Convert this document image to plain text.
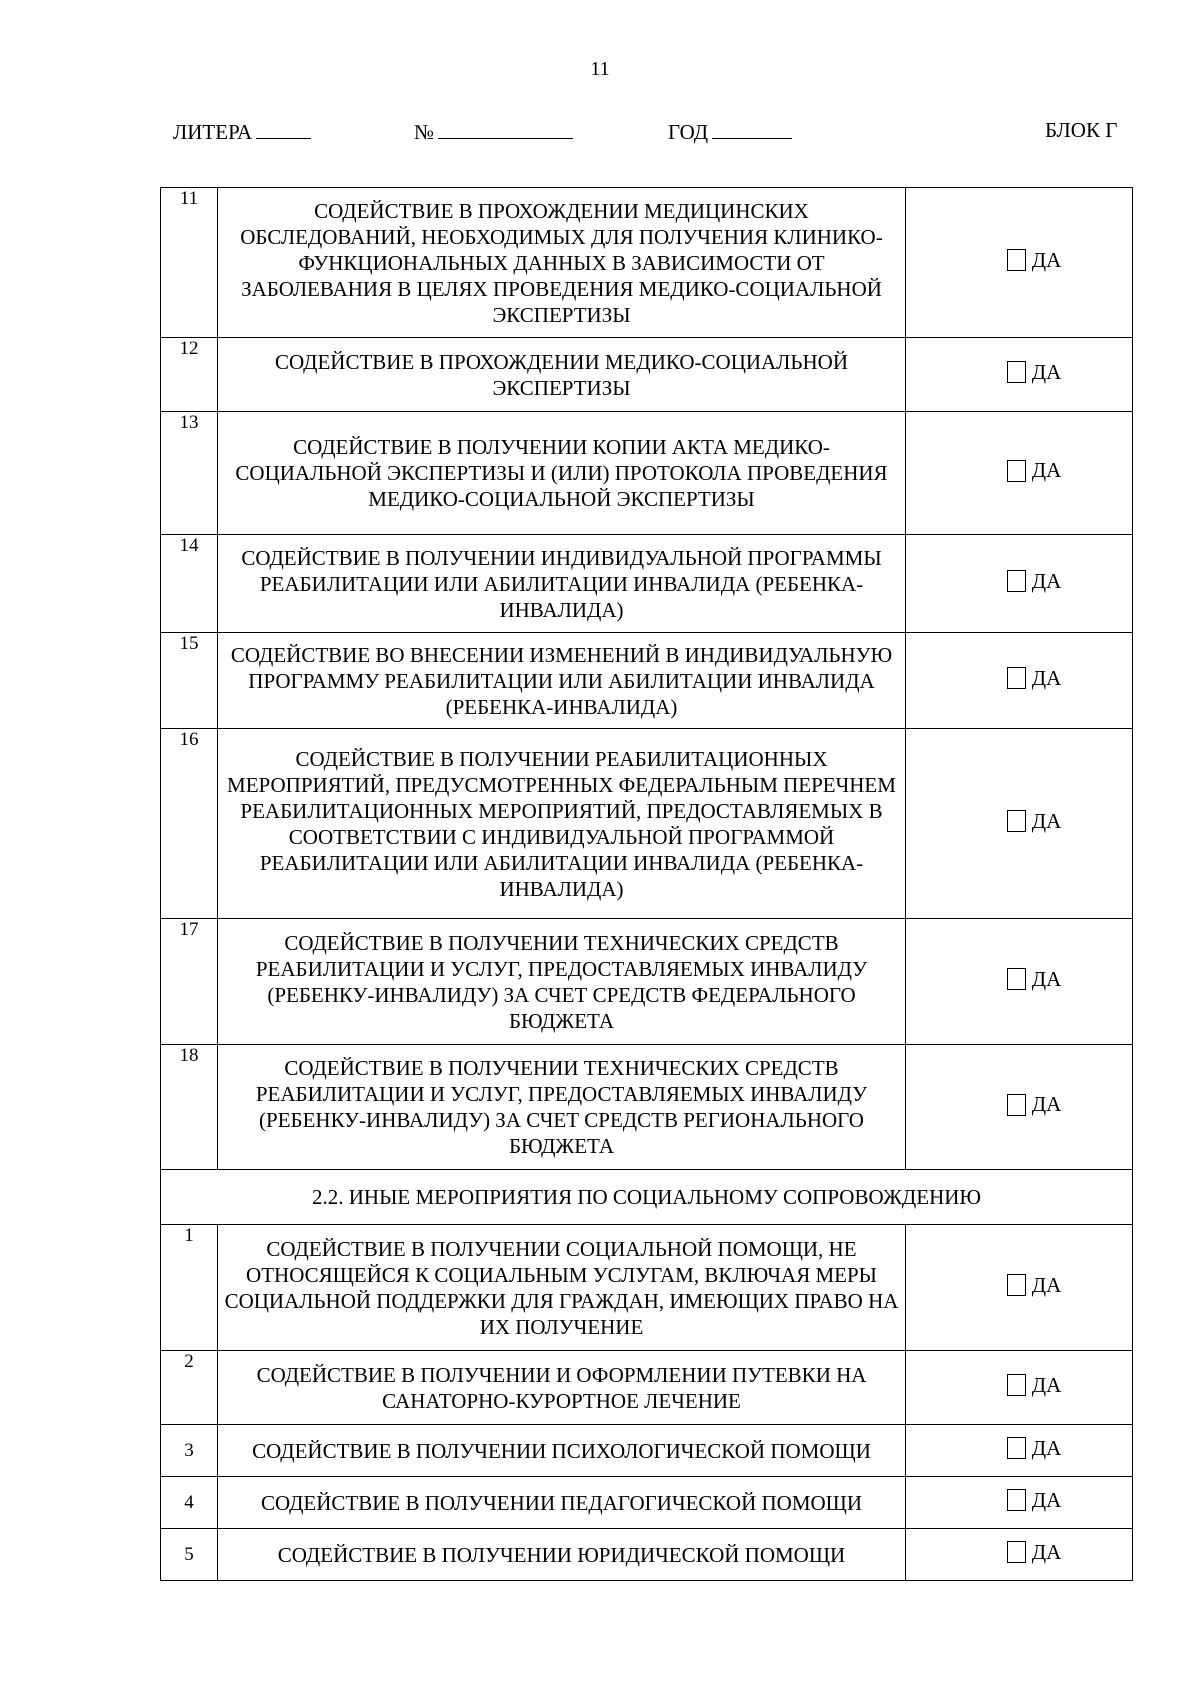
11
ЛИТЕРА	№	ГОД	БЛОК Г
11	СОДЕЙСТВИЕ В ПРОХОЖДЕНИИ МЕДИЦИНСКИХ ОБСЛЕДОВАНИЙ, НЕОБХОДИМЫХ ДЛЯ ПОЛУЧЕНИЯ КЛИНИКО-ФУНКЦИОНАЛЬНЫХ ДАННЫХ В ЗАВИСИМОСТИ ОТ ЗАБОЛЕВАНИЯ В ЦЕЛЯХ ПРОВЕДЕНИЯ МЕДИКО-СОЦИАЛЬНОЙ ЭКСПЕРТИЗЫ	ДА

12	СОДЕЙСТВИЕ В ПРОХОЖДЕНИИ МЕДИКО-СОЦИАЛЬНОЙ ЭКСПЕРТИЗЫ	ДА

13	СОДЕЙСТВИЕ В ПОЛУЧЕНИИ КОПИИ АКТА МЕДИКО-СОЦИАЛЬНОЙ ЭКСПЕРТИЗЫ И (ИЛИ) ПРОТОКОЛА ПРОВЕДЕНИЯ МЕДИКО-СОЦИАЛЬНОЙ ЭКСПЕРТИЗЫ	ДА

14	СОДЕЙСТВИЕ В ПОЛУЧЕНИИ ИНДИВИДУАЛЬНОЙ ПРОГРАММЫ РЕАБИЛИТАЦИИ ИЛИ АБИЛИТАЦИИ ИНВАЛИДА (РЕБЕНКА-ИНВАЛИДА)	ДА

15	СОДЕЙСТВИЕ ВО ВНЕСЕНИИ ИЗМЕНЕНИЙ В ИНДИВИДУАЛЬНУЮ ПРОГРАММУ РЕАБИЛИТАЦИИ ИЛИ АБИЛИТАЦИИ ИНВАЛИДА (РЕБЕНКА-ИНВАЛИДА)	ДА

16	СОДЕЙСТВИЕ В ПОЛУЧЕНИИ РЕАБИЛИТАЦИОННЫХ МЕРОПРИЯТИЙ, ПРЕДУСМОТРЕННЫХ ФЕДЕРАЛЬНЫМ ПЕРЕЧНЕМ РЕАБИЛИТАЦИОННЫХ МЕРОПРИЯТИЙ, ПРЕДОСТАВЛЯЕМЫХ В СООТВЕТСТВИИ С ИНДИВИДУАЛЬНОЙ ПРОГРАММОЙ РЕАБИЛИТАЦИИ ИЛИ АБИЛИТАЦИИ ИНВАЛИДА (РЕБЕНКА-ИНВАЛИДА)	ДА

17	СОДЕЙСТВИЕ В ПОЛУЧЕНИИ ТЕХНИЧЕСКИХ СРЕДСТВ РЕАБИЛИТАЦИИ И УСЛУГ, ПРЕДОСТАВЛЯЕМЫХ ИНВАЛИДУ (РЕБЕНКУ-ИНВАЛИДУ) ЗА СЧЕТ СРЕДСТВ ФЕДЕРАЛЬНОГО БЮДЖЕТА	ДА

18	СОДЕЙСТВИЕ В ПОЛУЧЕНИИ ТЕХНИЧЕСКИХ СРЕДСТВ РЕАБИЛИТАЦИИ И УСЛУГ, ПРЕДОСТАВЛЯЕМЫХ ИНВАЛИДУ (РЕБЕНКУ-ИНВАЛИДУ) ЗА СЧЕТ СРЕДСТВ РЕГИОНАЛЬНОГО БЮДЖЕТА	ДА

2.2. ИНЫЕ МЕРОПРИЯТИЯ ПО СОЦИАЛЬНОМУ СОПРОВОЖДЕНИЮ		
1	СОДЕЙСТВИЕ В ПОЛУЧЕНИИ СОЦИАЛЬНОЙ ПОМОЩИ, НЕ ОТНОСЯЩЕЙСЯ К СОЦИАЛЬНЫМ УСЛУГАМ, ВКЛЮЧАЯ МЕРЫ СОЦИАЛЬНОЙ ПОДДЕРЖКИ ДЛЯ ГРАЖДАН, ИМЕЮЩИХ ПРАВО НА ИХ ПОЛУЧЕНИЕ	ДА

2	СОДЕЙСТВИЕ В ПОЛУЧЕНИИ И ОФОРМЛЕНИИ ПУТЕВКИ НА САНАТОРНО-КУРОРТНОЕ ЛЕЧЕНИЕ	ДА

3	СОДЕЙСТВИЕ В ПОЛУЧЕНИИ ПСИХОЛОГИЧЕСКОЙ ПОМОЩИ	ДА

4	СОДЕЙСТВИЕ В ПОЛУЧЕНИИ ПЕДАГОГИЧЕСКОЙ ПОМОЩИ	ДА

5	СОДЕЙСТВИЕ В ПОЛУЧЕНИИ ЮРИДИЧЕСКОЙ ПОМОЩИ	ДА
